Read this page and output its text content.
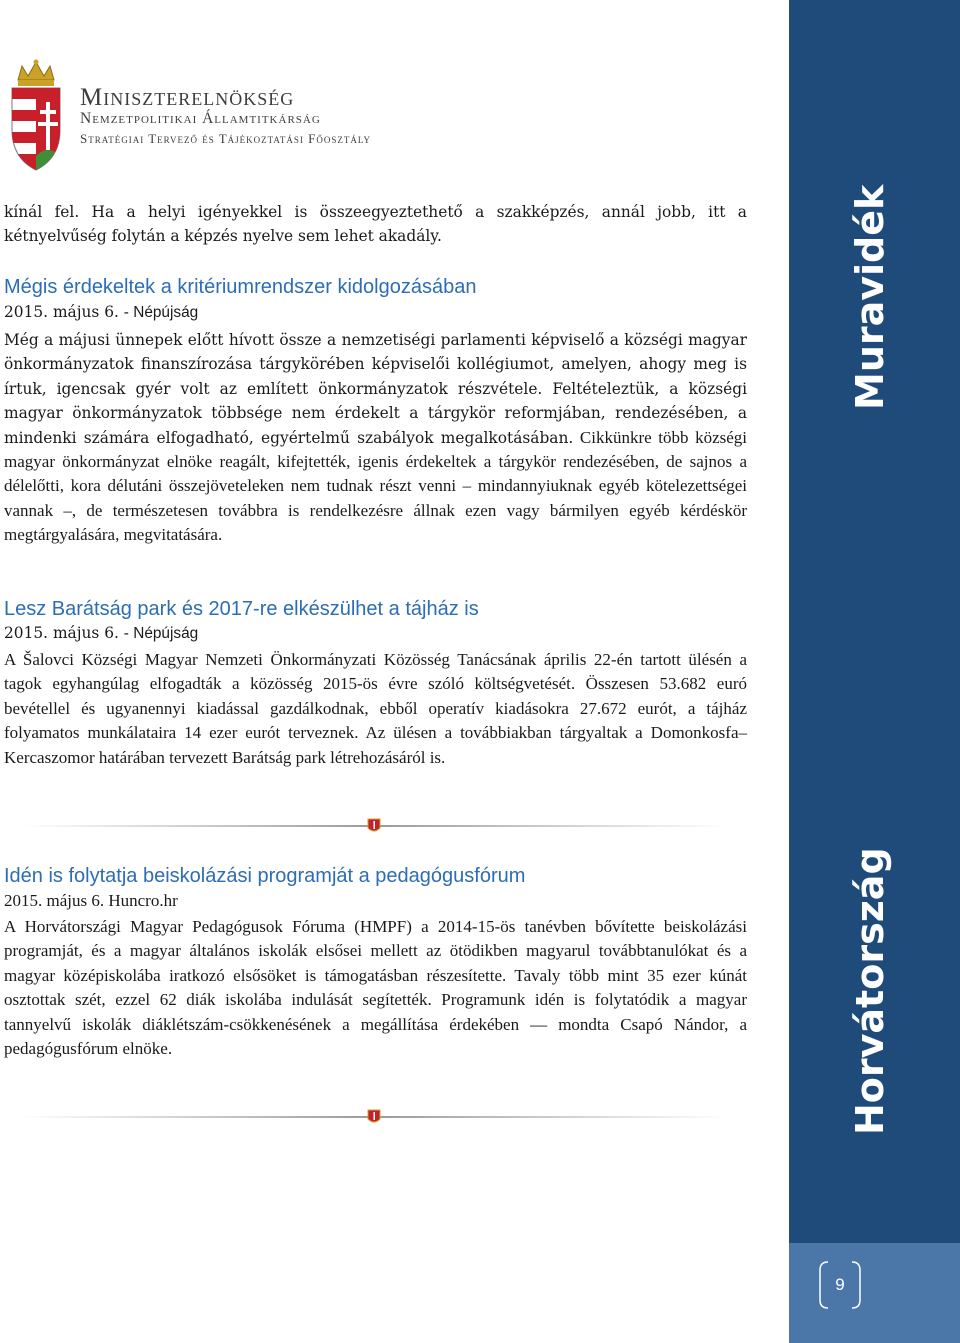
Miniszterelnökség
Nemzetpolitikai Államtitkárság
Stratégiai Tervező és Tájékoztatási Főosztály

kínál fel. Ha a helyi igényekkel is összeegyeztethető a szakképzés, annál jobb, itt a kétnyelvűség folytán a képzés nyelve sem lehet akadály.

Mégis érdekeltek a kritériumrendszer kidolgozásában
2015. május 6. - Népújság

Még a májusi ünnepek előtt hívott össze a nemzetiségi parlamenti képviselő a községi magyar önkormányzatok finanszírozása tárgykörében képviselői kollégiumot, amelyen, ahogy meg is írtuk, igencsak gyér volt az említett önkormányzatok részvétele. Feltételeztük, a községi magyar önkormányzatok többsége nem érdekelt a tárgykör reformjában, rendezésében, a mindenki számára elfogadható, egyértelmű szabályok megalkotásában. Cikkünkre több községi magyar önkormányzat elnöke reagált, kifejtették, igenis érdekeltek a tárgykör rendezésében, de sajnos a délelőtti, kora délutáni összejöveteleken nem tudnak részt venni – mindannyiuknak egyéb kötelezettségei vannak –, de természetesen továbbra is rendelkezésre állnak ezen vagy bármilyen egyéb kérdéskör megtárgyalására, megvitatására.

Lesz Barátság park és 2017-re elkészülhet a tájház is
2015. május 6. - Népújság

A Šalovci Községi Magyar Nemzeti Önkormányzati Közösség Tanácsának április 22-én tartott ülésén a tagok egyhangúlag elfogadták a közösség 2015-ös évre szóló költségvetését. Összesen 53.682 euró bevétellel és ugyanennyi kiadással gazdálkodnak, ebből operatív kiadásokra 27.672 eurót, a tájház folyamatos munkálataira 14 ezer eurót terveznek. Az ülésen a továbbiakban tárgyaltak a Domonkosfa–Kercaszomor határában tervezett Barátság park létrehozásáról is.

Idén is folytatja beiskolázási programját a pedagógusfórum
2015. május 6. Huncro.hr

A Horvátországi Magyar Pedagógusok Fóruma (HMPF) a 2014-15-ös tanévben bővítette beiskolázási programját, és a magyar általános iskolák elsősei mellett az ötödikben magyarul továbbtanulókat és a magyar középiskolába iratkozó elsősöket is támogatásban részesítette. Tavaly több mint 35 ezer kúnát osztottak szét, ezzel 62 diák iskolába indulását segítették. Programunk idén is folytatódik a magyar tannyelvű iskolák diáklétszám-csökkenésének a megállítása érdekében — mondta Csapó Nándor, a pedagógusfórum elnöke.

Muravidék
Horvátország
9
